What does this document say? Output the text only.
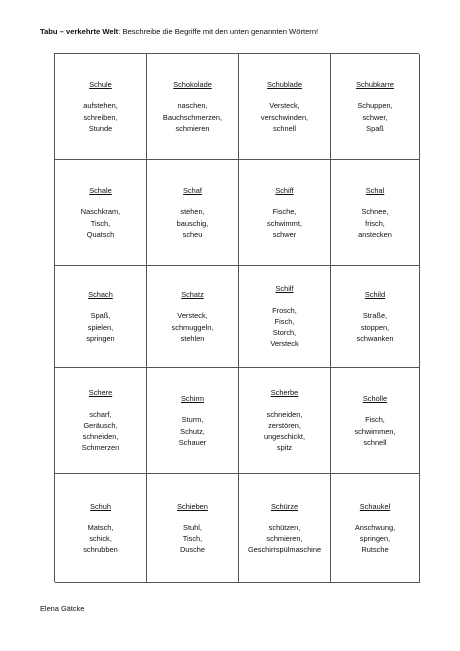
Tabu – verkehrte Welt: Beschreibe die Begriffe mit den unten genannten Wörtern!
Schule
aufstehen,
schreiben,
Stunde
Schokolade
naschen,
Bauchschmerzen,
schmieren
Schublade
Versteck,
verschwinden,
schnell
Schubkarre
Schuppen,
schwer,
Spaß
Schale
Naschkram,
Tisch,
Quatsch
Schaf
stehen,
bauschig,
scheu
Schiff
Fische,
schwimmt,
schwer
Schal
Schnee,
frisch,
anstecken
Schach
Spaß,
spielen,
springen
Schatz
Versteck,
schmuggeln,
stehlen
Schilf
Frosch,
Fisch,
Storch,
Versteck
Schild
Straße,
stoppen,
schwanken
Schere
scharf,
Geräusch,
schneiden,
Schmerzen
Schirm
Sturm,
Schutz,
Schauer
Scherbe
schneiden,
zerstören,
ungeschickt,
spitz
Scholle
Fisch,
schwimmen,
schnell
Schuh
Matsch,
schick,
schrubben
Schieben
Stuhl,
Tisch,
Dusche
Schürze
schützen,
schmieren,
Geschirrspülmaschine
Schaukel
Anschwung,
springen,
Rutsche
Elena Gätcke
